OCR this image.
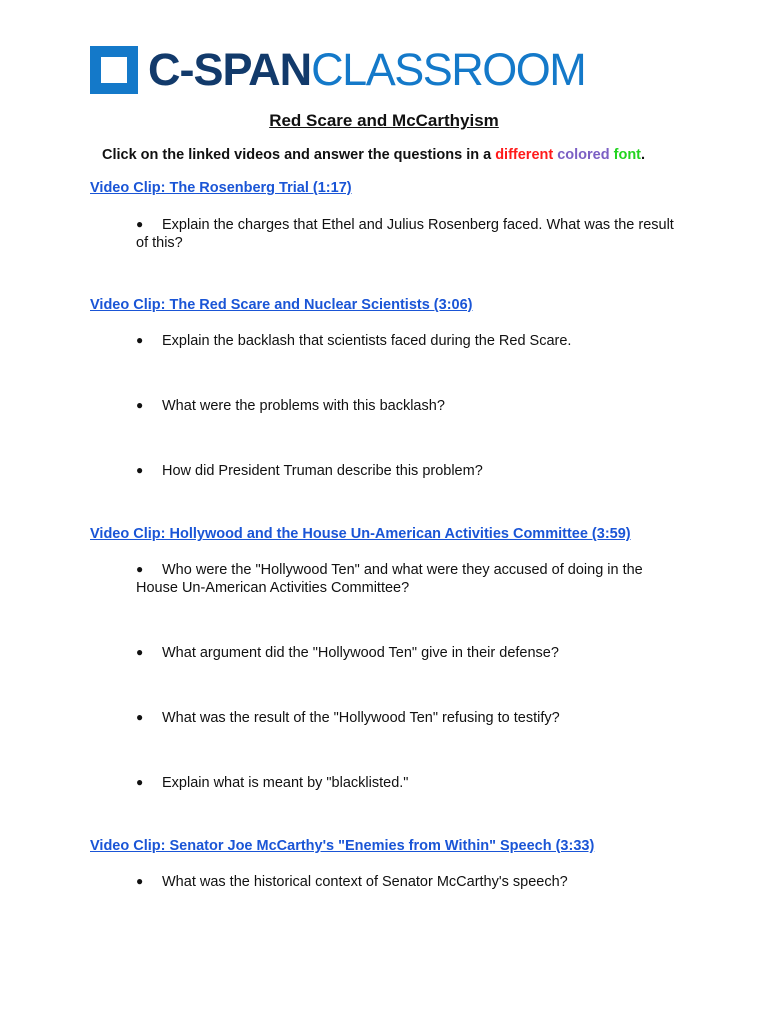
C-SPAN CLASSROOM
Red Scare and McCarthyism
Click on the linked videos and answer the questions in a different colored font.
Video Clip: The Rosenberg Trial (1:17)
● Explain the charges that Ethel and Julius Rosenberg faced. What was the result of this?
Video Clip: The Red Scare and Nuclear Scientists (3:06)
● Explain the backlash that scientists faced during the Red Scare.
● What were the problems with this backlash?
● How did President Truman describe this problem?
Video Clip: Hollywood and the House Un-American Activities Committee (3:59)
● Who were the "Hollywood Ten" and what were they accused of doing in the House Un-American Activities Committee?
● What argument did the "Hollywood Ten" give in their defense?
● What was the result of the "Hollywood Ten" refusing to testify?
● Explain what is meant by "blacklisted."
Video Clip: Senator Joe McCarthy's "Enemies from Within" Speech (3:33)
● What was the historical context of Senator McCarthy's speech?
